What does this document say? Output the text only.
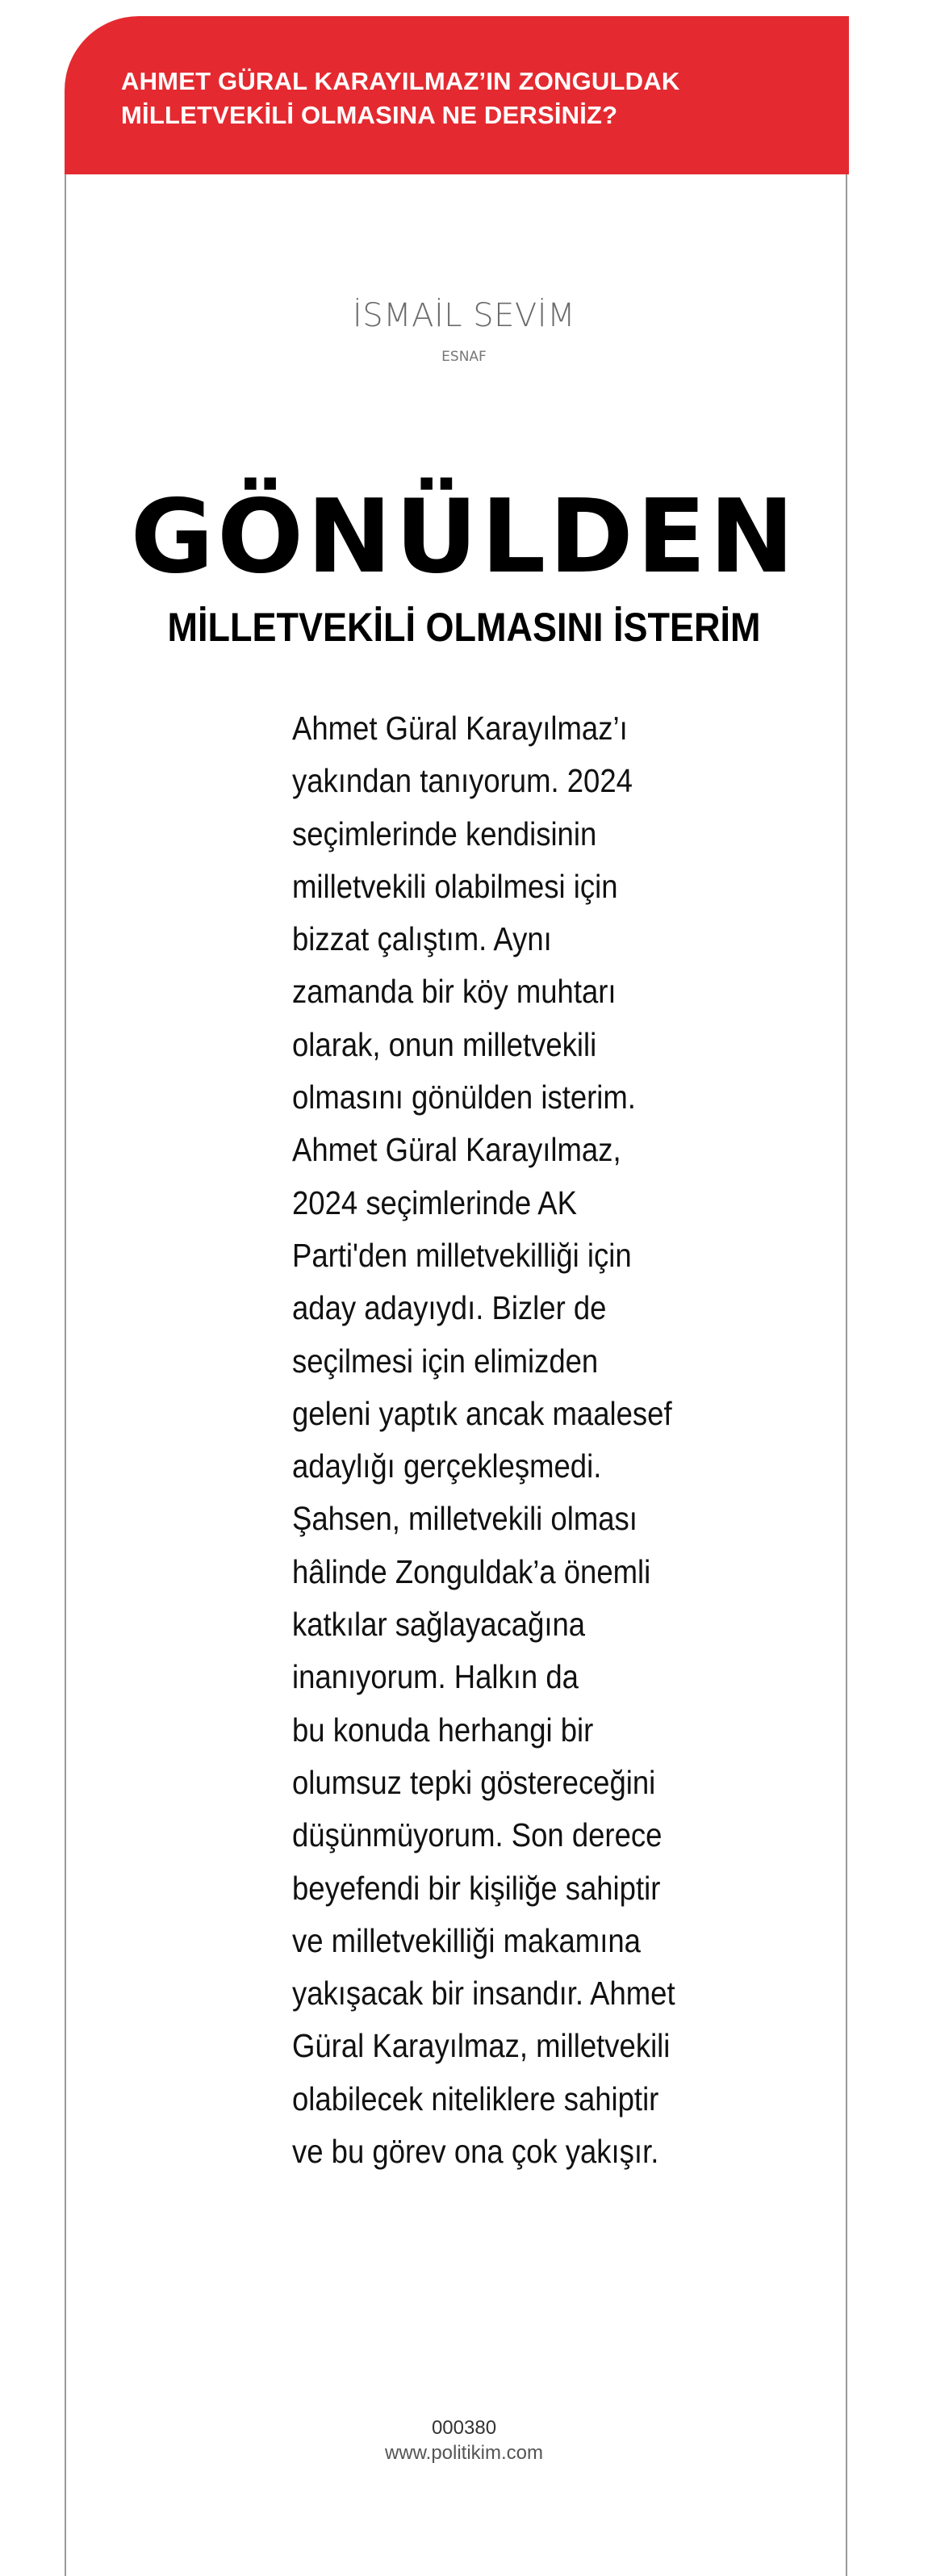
AHMET GÜRAL KARAYILMAZ’IN ZONGULDAK
MİLLETVEKİLİ OLMASINA NE DERSİNİZ?
İSMAİL SEVİM
ESNAF
GÖNÜLDEN
MİLLETVEKİLİ OLMASINI İSTERİM
Ahmet Güral Karayılmaz’ı
yakından tanıyorum. 2024
seçimlerinde kendisinin
milletvekili olabilmesi için
bizzat çalıştım. Aynı
zamanda bir köy muhtarı
olarak, onun milletvekili
olmasını gönülden isterim.
Ahmet Güral Karayılmaz,
2024 seçimlerinde AK
Parti'den milletvekilliği için
aday adayıydı. Bizler de
seçilmesi için elimizden
geleni yaptık ancak maalesef
adaylığı gerçekleşmedi.
Şahsen, milletvekili olması
hâlinde Zonguldak’a önemli
katkılar sağlayacağına
inanıyorum. Halkın da
bu konuda herhangi bir
olumsuz tepki göstereceğini
düşünmüyorum. Son derece
beyefendi bir kişiliğe sahiptir
ve milletvekilliği makamına
yakışacak bir insandır. Ahmet
Güral Karayılmaz, milletvekili
olabilecek niteliklere sahiptir
ve bu görev ona çok yakışır.
000380
www.politikim.com
